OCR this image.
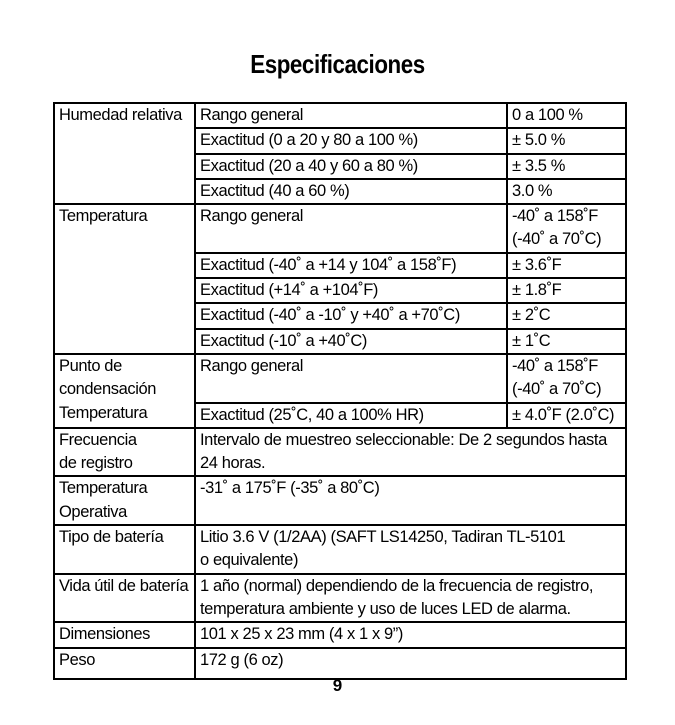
Especificaciones
Humedad relativa	Rango general	0 a 100 %
	Exactitud (0 a 20 y 80 a 100 %)	± 5.0 %
	Exactitud (20 a 40 y 60 a 80 %)	± 3.5 %
	Exactitud (40 a 60 %)	3.0 %
Temperatura	Rango general	-40˚ a 158˚F
(-40˚ a 70˚C)

	Exactitud (-40˚ a +14 y 104˚ a 158˚F)	± 3.6˚F
	Exactitud (+14˚ a +104˚F)	± 1.8˚F
	Exactitud (-40˚ a -10˚ y +40˚ a +70˚C)	± 2˚C
	Exactitud (-10˚ a +40˚C)	± 1˚C

Punto de
condensación
Temperatura	Rango general	-40˚ a 158˚F
(-40˚ a 70˚C)

	Exactitud (25˚C, 40 a 100% HR)	± 4.0˚F (2.0˚C)

Frecuencia
de registro	Intervalo de muestreo seleccionable: De 2 segundos hasta
24 horas.	

Temperatura
Operativa	-31˚ a 175˚F (-35˚ a 80˚C)	
Tipo de batería	Litio 3.6 V (1/2AA) (SAFT LS14250, Tadiran TL-5101
o equivalente)	

Vida útil de batería	1 año (normal) dependiendo de la frecuencia de registro,
temperatura ambiente y uso de luces LED de alarma.	

Dimensiones	101 x 25 x 23 mm (4 x 1 x 9”)	
Peso	172 g (6 oz)	
9
